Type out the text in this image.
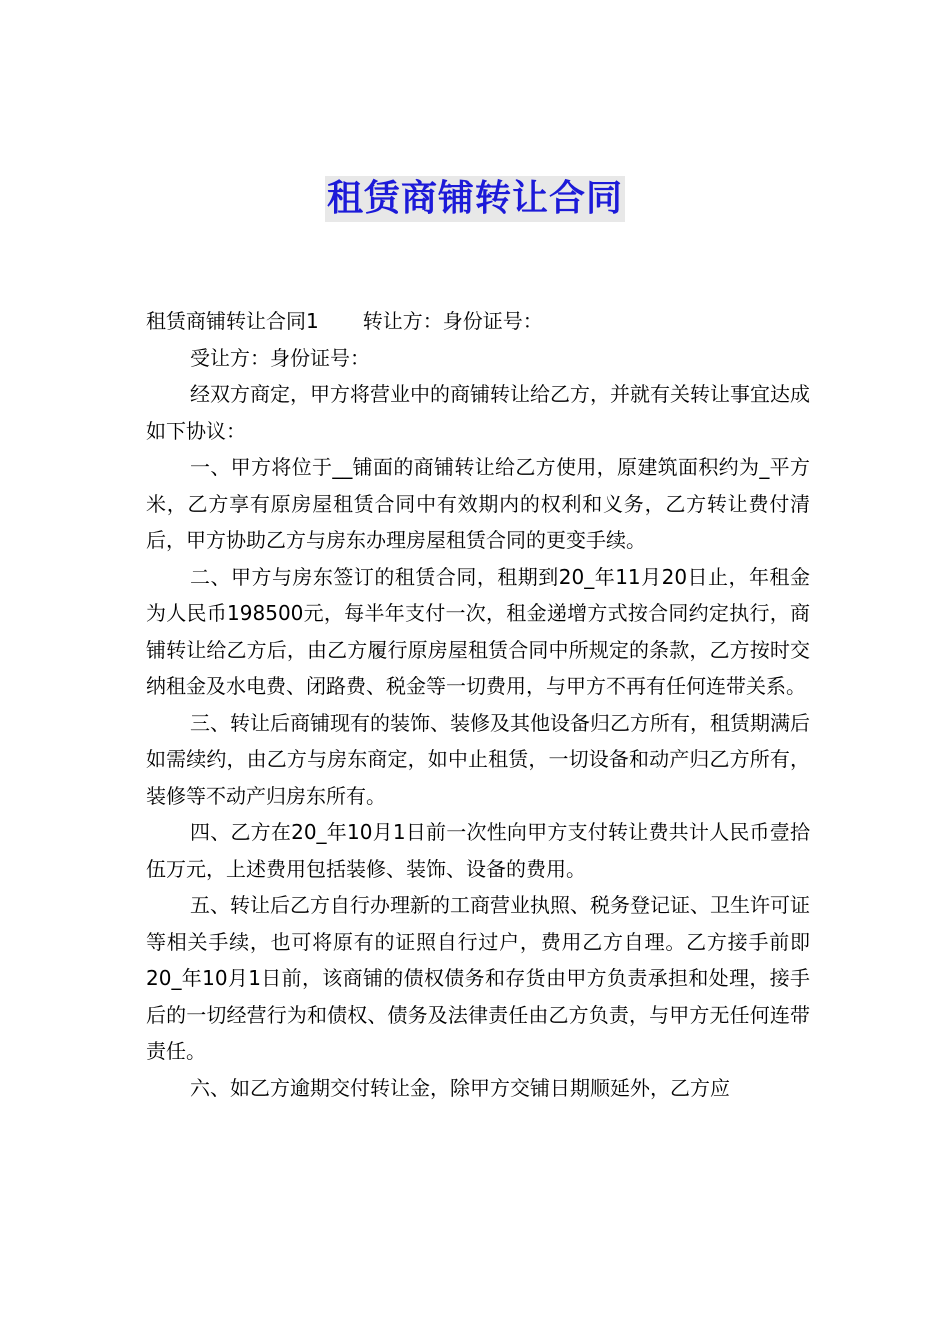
租赁商铺转让合同

租赁商铺转让合同1 转让方：身份证号：

受让方：身份证号：

经双方商定，甲方将营业中的商铺转让给乙方，并就有关转让事宜达成如下协议：

一、甲方将位于__铺面的商铺转让给乙方使用，原建筑面积约为_平方米，乙方享有原房屋租赁合同中有效期内的权利和义务，乙方转让费付清后，甲方协助乙方与房东办理房屋租赁合同的更变手续。

二、甲方与房东签订的租赁合同，租期到20_年11月20日止，年租金为人民币198500元，每半年支付一次，租金递增方式按合同约定执行，商铺转让给乙方后，由乙方履行原房屋租赁合同中所规定的条款，乙方按时交纳租金及水电费、闭路费、税金等一切费用，与甲方不再有任何连带关系。

三、转让后商铺现有的装饰、装修及其他设备归乙方所有，租赁期满后如需续约，由乙方与房东商定，如中止租赁，一切设备和动产归乙方所有，装修等不动产归房东所有。

四、乙方在20_年10月1日前一次性向甲方支付转让费共计人民币壹拾伍万元，上述费用包括装修、装饰、设备的费用。

五、转让后乙方自行办理新的工商营业执照、税务登记证、卫生许可证等相关手续，也可将原有的证照自行过户，费用乙方自理。乙方接手前即20_年10月1日前，该商铺的债权债务和存货由甲方负责承担和处理，接手后的一切经营行为和债权、债务及法律责任由乙方负责，与甲方无任何连带责任。

六、如乙方逾期交付转让金，除甲方交铺日期顺延外，乙方应
